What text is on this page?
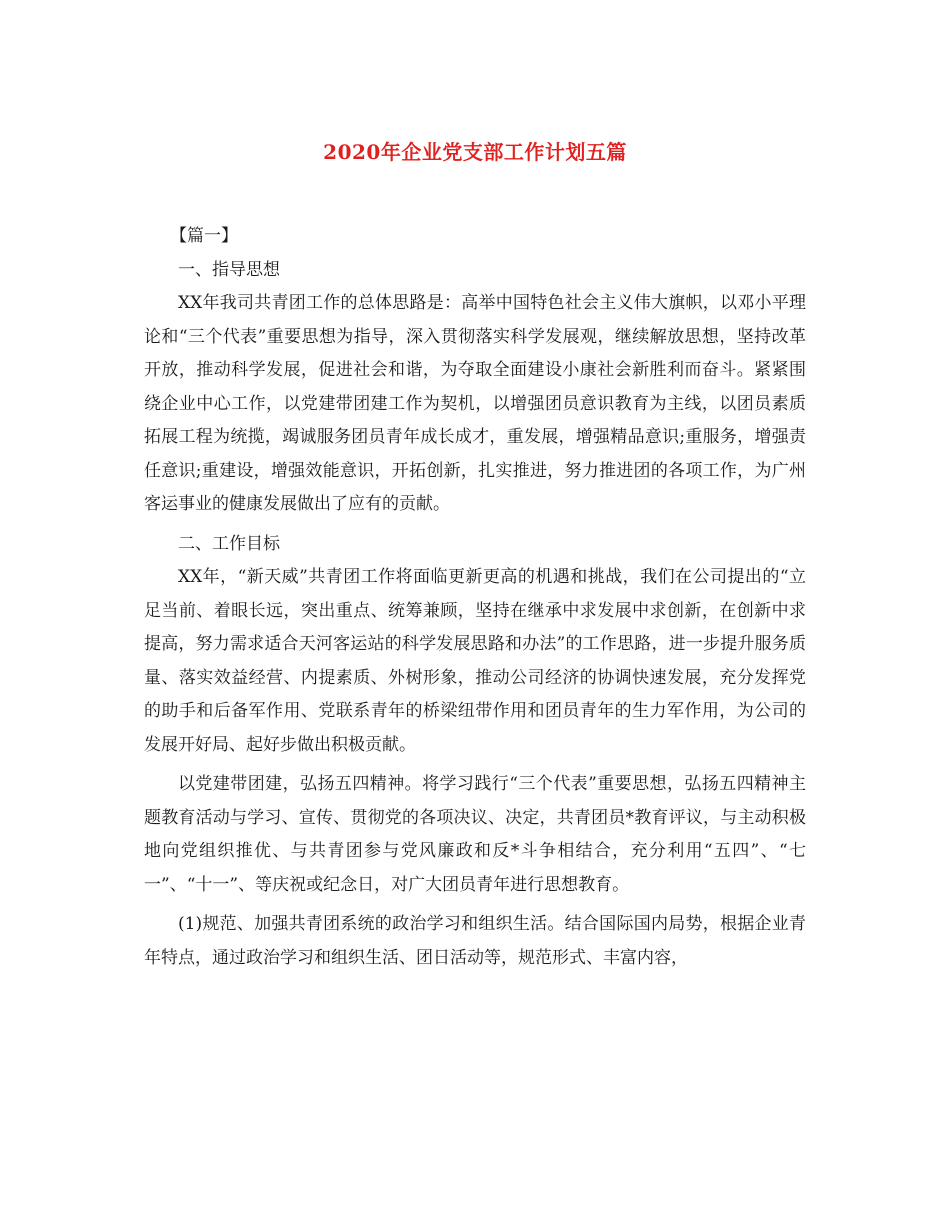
2020年企业党支部工作计划五篇

【篇一】

一、指导思想

XX年我司共青团工作的总体思路是：高举中国特色社会主义伟大旗帜，以邓小平理论和“三个代表”重要思想为指导，深入贯彻落实科学发展观，继续解放思想，坚持改革开放，推动科学发展，促进社会和谐，为夺取全面建设小康社会新胜利而奋斗。紧紧围绕企业中心工作，以党建带团建工作为契机，以增强团员意识教育为主线，以团员素质拓展工程为统揽，竭诚服务团员青年成长成才，重发展，增强精品意识;重服务，增强责任意识;重建设，增强效能意识，开拓创新，扎实推进，努力推进团的各项工作，为广州客运事业的健康发展做出了应有的贡献。

二、工作目标

XX年，“新天威”共青团工作将面临更新更高的机遇和挑战，我们在公司提出的“立足当前、着眼长远，突出重点、统筹兼顾，坚持在继承中求发展中求创新，在创新中求提高，努力需求适合天河客运站的科学发展思路和办法”的工作思路，进一步提升服务质量、落实效益经营、内提素质、外树形象，推动公司经济的协调快速发展，充分发挥党的助手和后备军作用、党联系青年的桥梁纽带作用和团员青年的生力军作用，为公司的发展开好局、起好步做出积极贡献。

以党建带团建，弘扬五四精神。将学习践行“三个代表”重要思想，弘扬五四精神主题教育活动与学习、宣传、贯彻党的各项决议、决定，共青团员*教育评议，与主动积极地向党组织推优、与共青团参与党风廉政和反*斗争相结合，充分利用“五四”、“七一”、“十一”、等庆祝或纪念日，对广大团员青年进行思想教育。

(1)规范、加强共青团系统的政治学习和组织生活。结合国际国内局势，根据企业青年特点，通过政治学习和组织生活、团日活动等，规范形式、丰富内容，
